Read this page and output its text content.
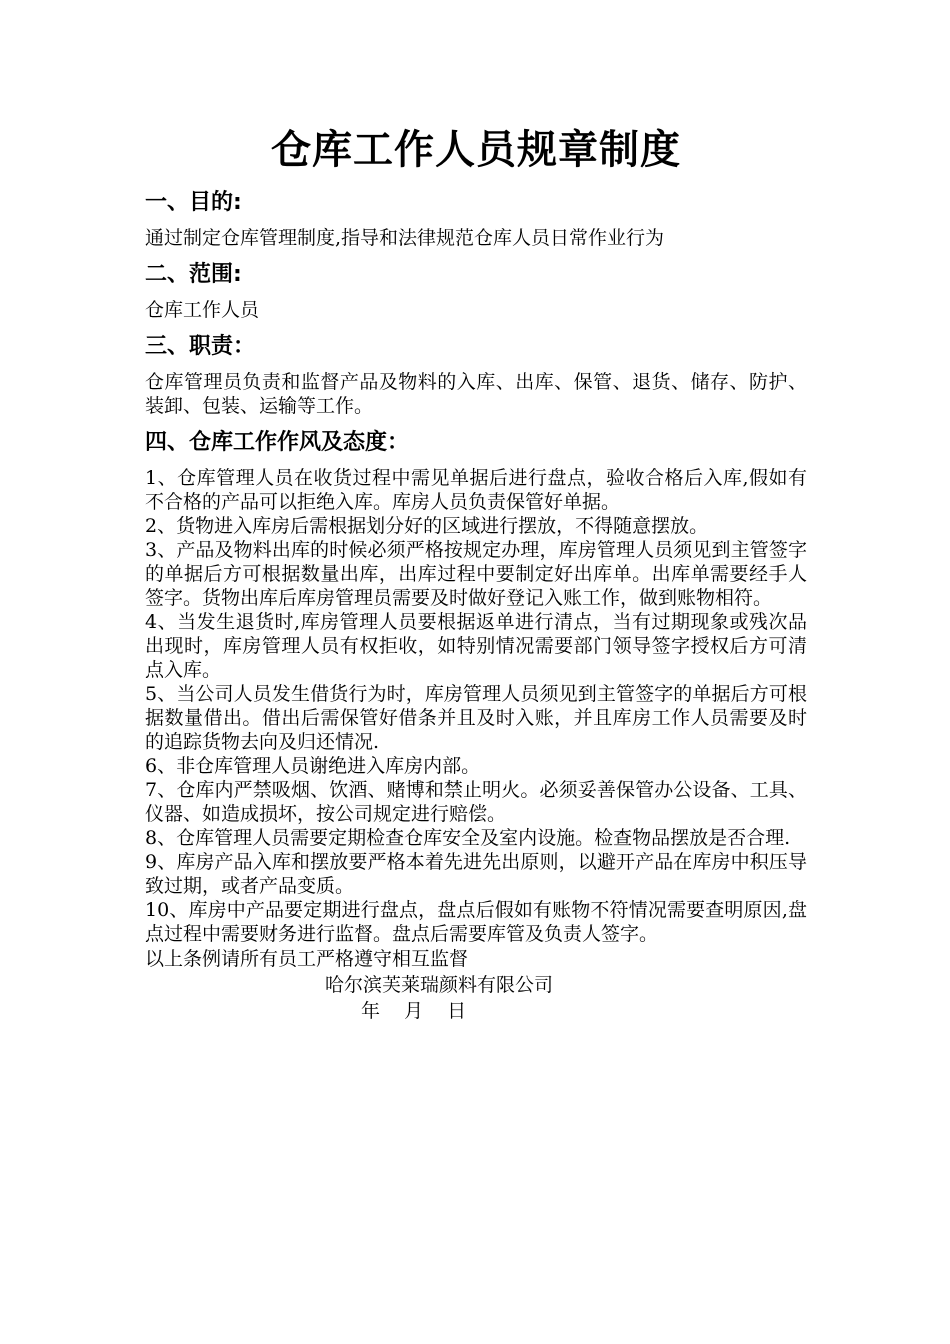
仓库工作人员规章制度
一、目的:

通过制定仓库管理制度,指导和法律规范仓库人员日常作业行为

二、范围:

仓库工作人员

三、职责：

仓库管理员负责和监督产品及物料的入库、出库、保管、退货、储存、防护、装卸、包装、运输等工作。

四、仓库工作作风及态度：
1、仓库管理人员在收货过程中需见单据后进行盘点，验收合格后入库,假如有不合格的产品可以拒绝入库。库房人员负责保管好单据。
2、货物进入库房后需根据划分好的区域进行摆放，不得随意摆放。
3、产品及物料出库的时候必须严格按规定办理，库房管理人员须见到主管签字的单据后方可根据数量出库，出库过程中要制定好出库单。出库单需要经手人签字。货物出库后库房管理员需要及时做好登记入账工作，做到账物相符。
4、当发生退货时,库房管理人员要根据返单进行清点，当有过期现象或残次品出现时，库房管理人员有权拒收，如特别情况需要部门领导签字授权后方可清点入库。
5、当公司人员发生借货行为时，库房管理人员须见到主管签字的单据后方可根据数量借出。借出后需保管好借条并且及时入账，并且库房工作人员需要及时的追踪货物去向及归还情况.
6、非仓库管理人员谢绝进入库房内部。
7、仓库内严禁吸烟、饮酒、赌博和禁止明火。必须妥善保管办公设备、工具、仪器、如造成损坏，按公司规定进行赔偿。
8、仓库管理人员需要定期检查仓库安全及室内设施。检查物品摆放是否合理.
9、库房产品入库和摆放要严格本着先进先出原则，以避开产品在库房中积压导致过期，或者产品变质。
10、库房中产品要定期进行盘点，盘点后假如有账物不符情况需要查明原因,盘点过程中需要财务进行监督。盘点后需要库管及负责人签字。

以上条例请所有员工严格遵守相互监督

哈尔滨芙莱瑞颜料有限公司

年  月  日
